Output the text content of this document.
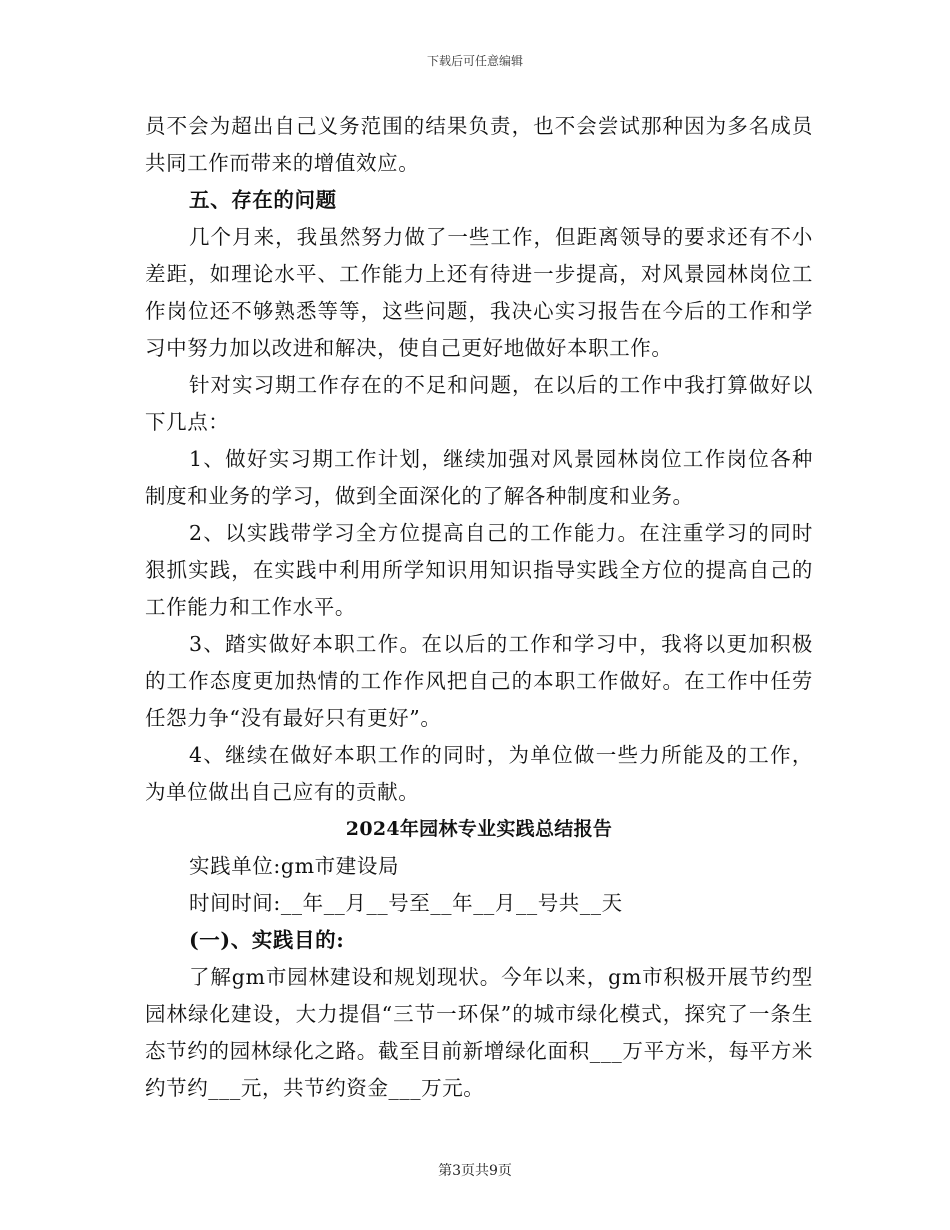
下载后可任意编辑

员不会为超出自己义务范围的结果负责，也不会尝试那种因为多名成员共同工作而带来的增值效应。

五、存在的问题

几个月来，我虽然努力做了一些工作，但距离领导的要求还有不小差距，如理论水平、工作能力上还有待进一步提高，对风景园林岗位工作岗位还不够熟悉等等，这些问题，我决心实习报告在今后的工作和学习中努力加以改进和解决，使自己更好地做好本职工作。

针对实习期工作存在的不足和问题，在以后的工作中我打算做好以下几点：

1、做好实习期工作计划，继续加强对风景园林岗位工作岗位各种制度和业务的学习，做到全面深化的了解各种制度和业务。

2、以实践带学习全方位提高自己的工作能力。在注重学习的同时狠抓实践，在实践中利用所学知识用知识指导实践全方位的提高自己的工作能力和工作水平。

3、踏实做好本职工作。在以后的工作和学习中，我将以更加积极的工作态度更加热情的工作作风把自己的本职工作做好。在工作中任劳任怨力争“没有最好只有更好”。

4、继续在做好本职工作的同时，为单位做一些力所能及的工作，为单位做出自己应有的贡献。

2024年园林专业实践总结报告

实践单位:gm市建设局

时间时间:__年__月__号至__年__月__号共__天

(一)、实践目的:

了解gm市园林建设和规划现状。今年以来，gm市积极开展节约型园林绿化建设，大力提倡“三节一环保”的城市绿化模式，探究了一条生态节约的园林绿化之路。截至目前新增绿化面积___万平方米，每平方米约节约___元，共节约资金___万元。

第3页共9页
